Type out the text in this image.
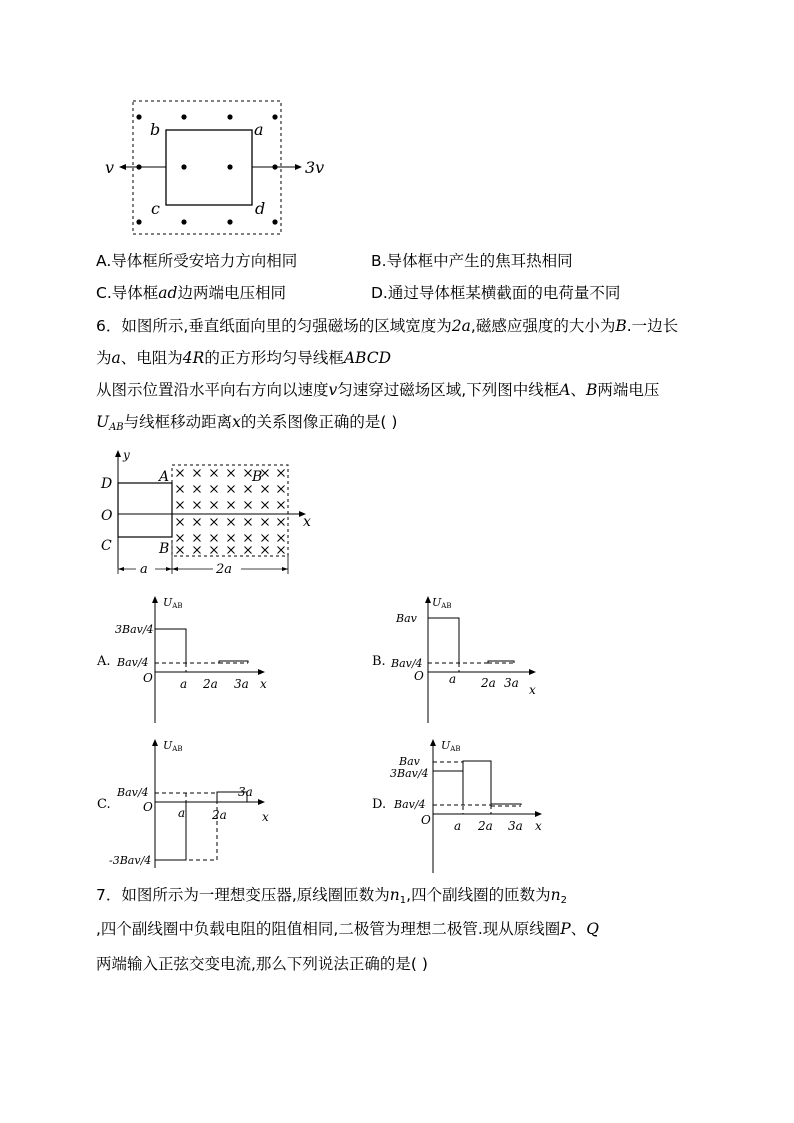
b	a
c	d
v	3v
A.导体框所受安培力方向相同	B.导体框中产生的焦耳热相同
C.导体框ad边两端电压相同	D.通过导体框某横截面的电荷量不同
6．如图所示,垂直纸面向里的匀强磁场的区域宽度为2a,磁感应强度的大小为B.一边长
为a、电阻为4R的正方形均匀导线框ABCD
从图示位置沿水平向右方向以速度v匀速穿过磁场区域,下列图中线框A、B两端电压
$U_{AB}$与线框移动距离x的关系图像正确的是( )
y
x
D
O
C
A
B
B
a	2a
UAB
3Bav/4
Bav/4
O a 2a 3a x
A.
UAB
Bav
Bav/4
O a 2a 3a x
B.
UAB
Bav/4
-3Bav/4
O a 2a
3a
x
C.
UAB
Bav
3Bav/4
Bav/4
O a 2a 3a x
D.
7．如图所示为一理想变压器,原线圈匝数为$n_1$,四个副线圈的匝数为$n_2$
,四个副线圈中负载电阻的阻值相同,二极管为理想二极管.现从原线圈P、Q
两端输入正弦交变电流,那么下列说法正确的是( )
